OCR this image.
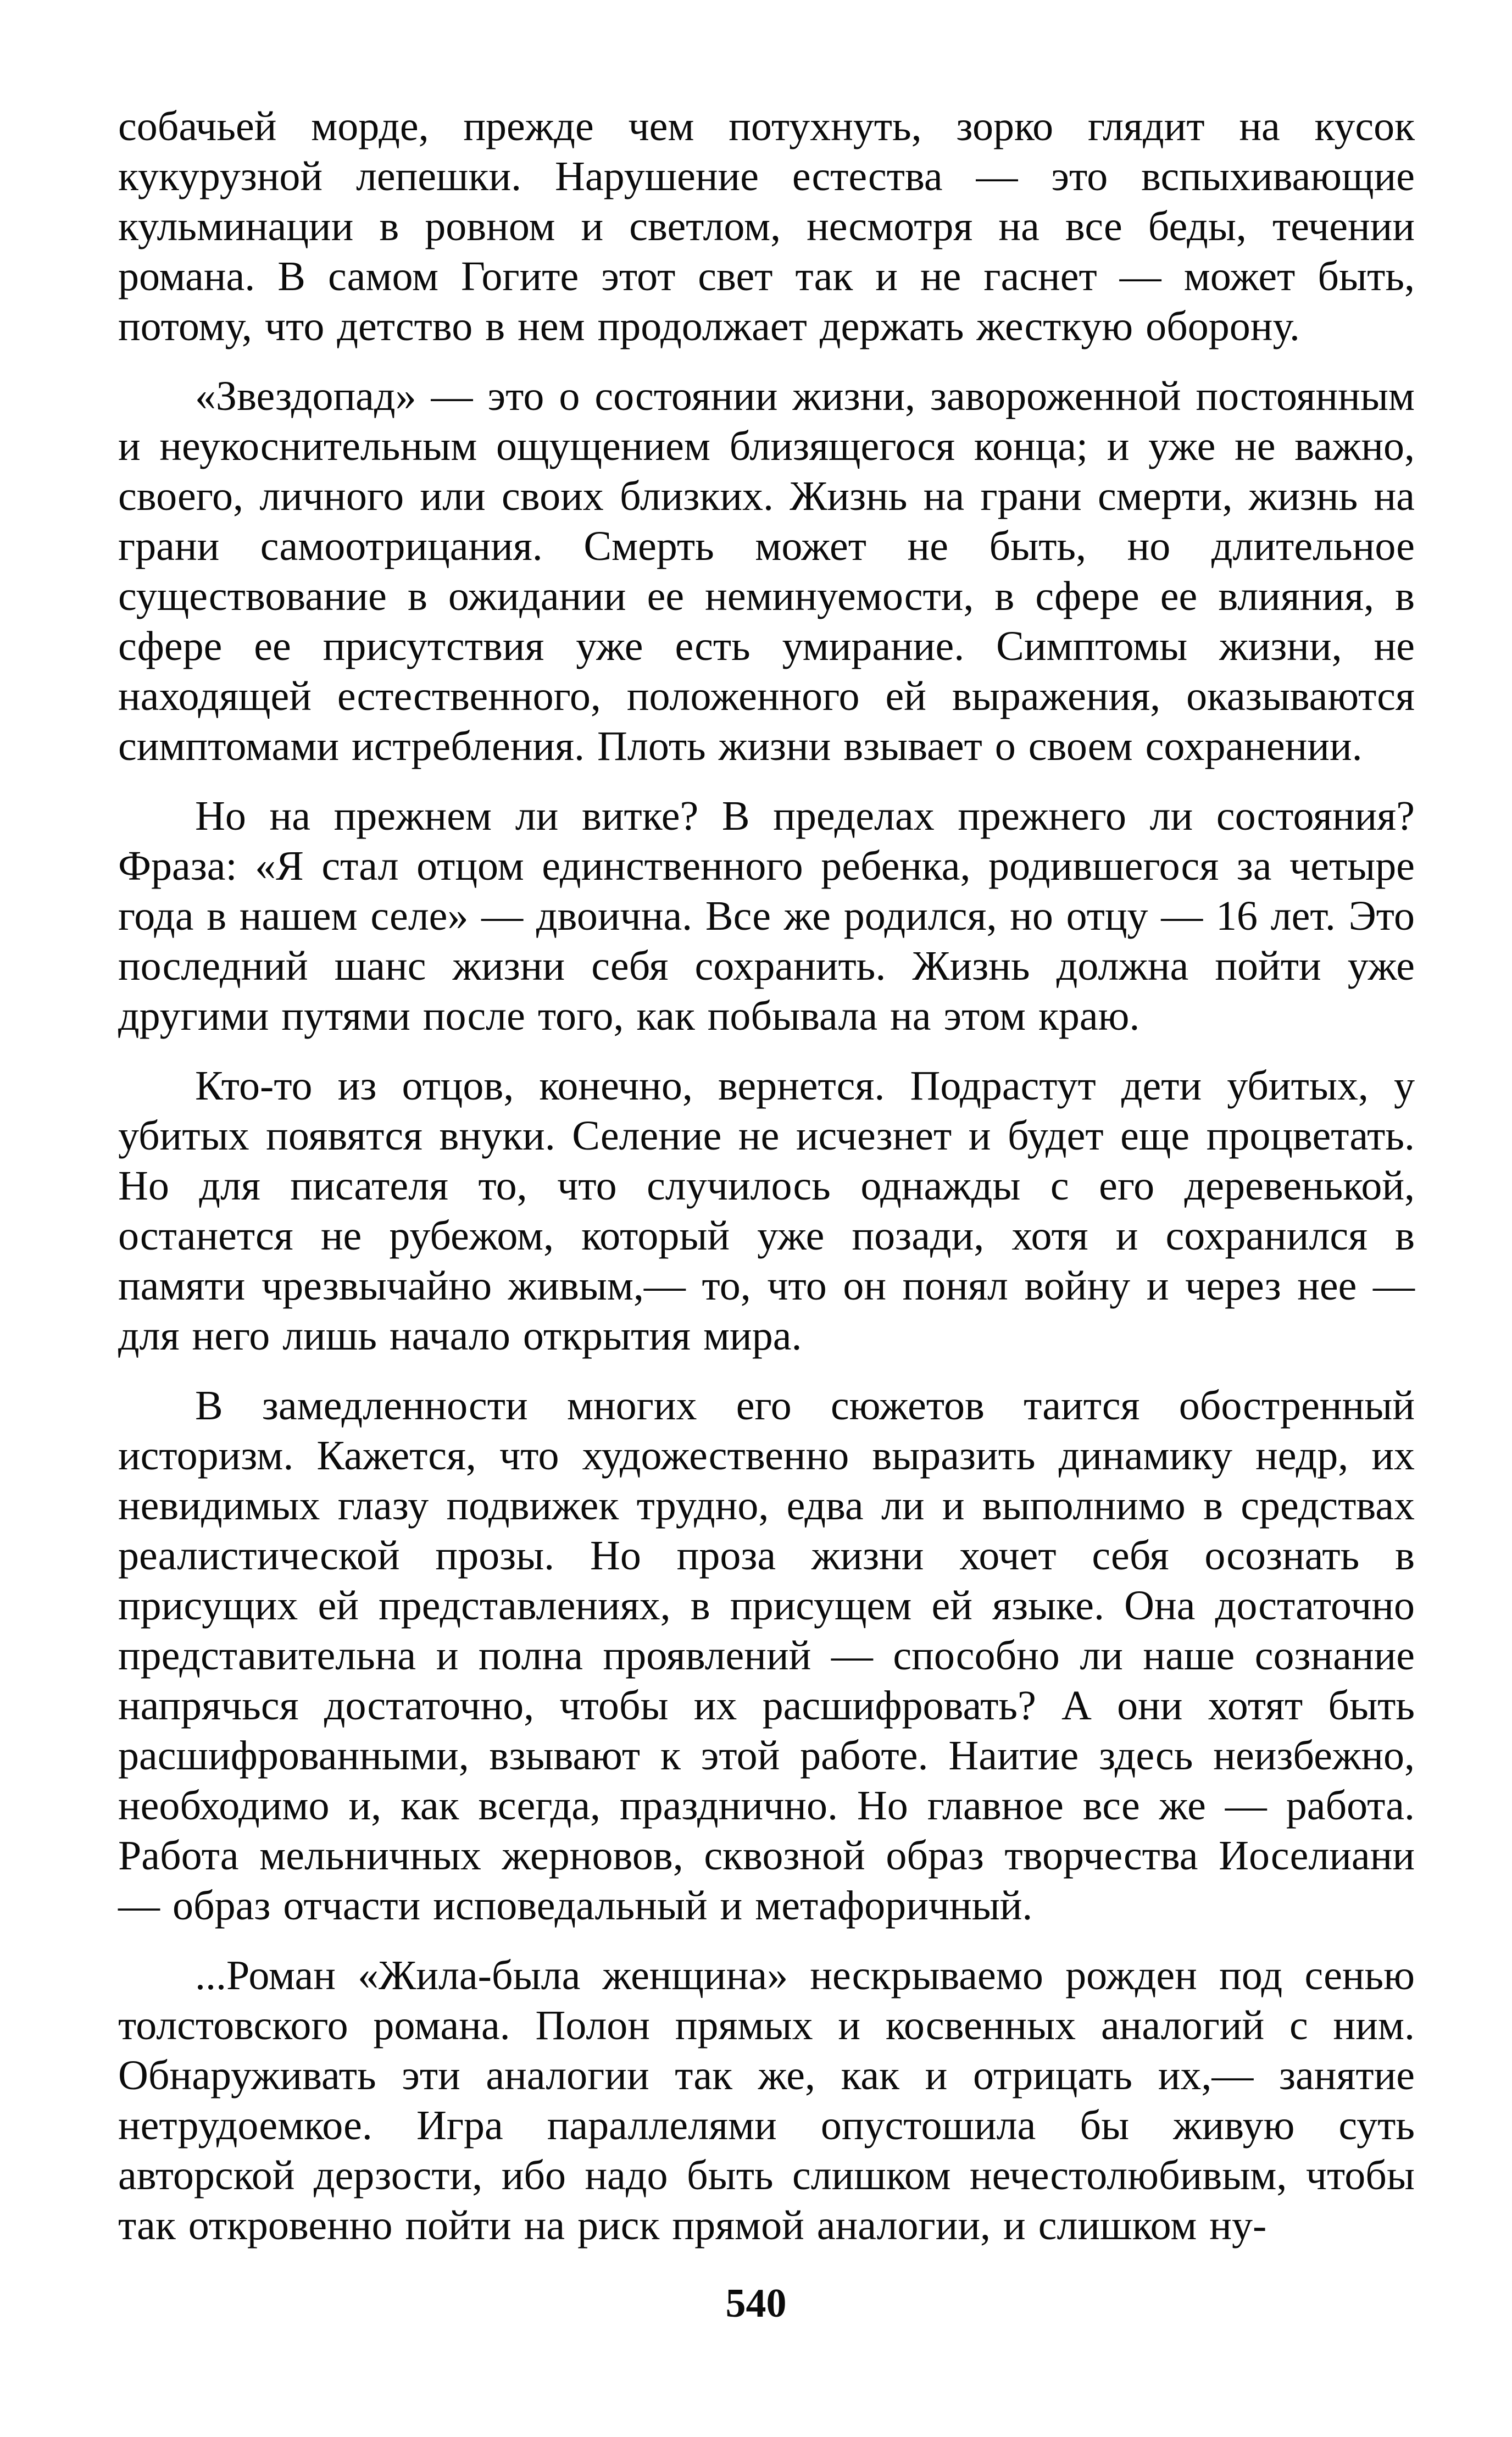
собачьей морде, прежде чем потухнуть, зорко глядит на кусок кукурузной лепешки. Нарушение естества — это вспыхивающие кульминации в ровном и светлом, несмотря на все беды, течении романа. В самом Гогите этот свет так и не гаснет — может быть, потому, что детство в нем продолжает держать жесткую оборону.

«Звездопад» — это о состоянии жизни, завороженной постоянным и неукоснительным ощущением близящегося конца; и уже не важно, своего, личного или своих близких. Жизнь на грани смерти, жизнь на грани самоотрицания. Смерть может не быть, но длительное существование в ожидании ее неминуемости, в сфере ее влияния, в сфере ее присутствия уже есть умирание. Симптомы жизни, не находящей естественного, положенного ей выражения, оказываются симптомами истребления. Плоть жизни взывает о своем сохранении.

Но на прежнем ли витке? В пределах прежнего ли состояния? Фраза: «Я стал отцом единственного ребенка, родившегося за четыре года в нашем селе» — двоична. Все же родился, но отцу — 16 лет. Это последний шанс жизни себя сохранить. Жизнь должна пойти уже другими путями после того, как побывала на этом краю.

Кто-то из отцов, конечно, вернется. Подрастут дети убитых, у убитых появятся внуки. Селение не исчезнет и будет еще процветать. Но для писателя то, что случилось однажды с его деревенькой, останется не рубежом, который уже позади, хотя и сохранился в памяти чрезвычайно живым,— то, что он понял войну и через нее — для него лишь начало открытия мира.

В замедленности многих его сюжетов таится обостренный историзм. Кажется, что художественно выразить динамику недр, их невидимых глазу подвижек трудно, едва ли и выполнимо в средствах реалистической прозы. Но проза жизни хочет себя осознать в присущих ей представлениях, в присущем ей языке. Она достаточно представительна и полна проявлений — способно ли наше сознание напрячься достаточно, чтобы их расшифровать? А они хотят быть расшифрованными, взывают к этой работе. Наитие здесь неизбежно, необходимо и, как всегда, празднично. Но главное все же — работа. Работа мельничных жерновов, сквозной образ творчества Иоселиани — образ отчасти исповедальный и метафоричный.

...Роман «Жила-была женщина» нескрываемо рожден под сенью толстовского романа. Полон прямых и косвенных аналогий с ним. Обнаруживать эти аналогии так же, как и отрицать их,— занятие нетрудоемкое. Игра параллелями опустошила бы живую суть авторской дерзости, ибо надо быть слишком нечестолюбивым, чтобы так откровенно пойти на риск прямой аналогии, и слишком ну-

540
